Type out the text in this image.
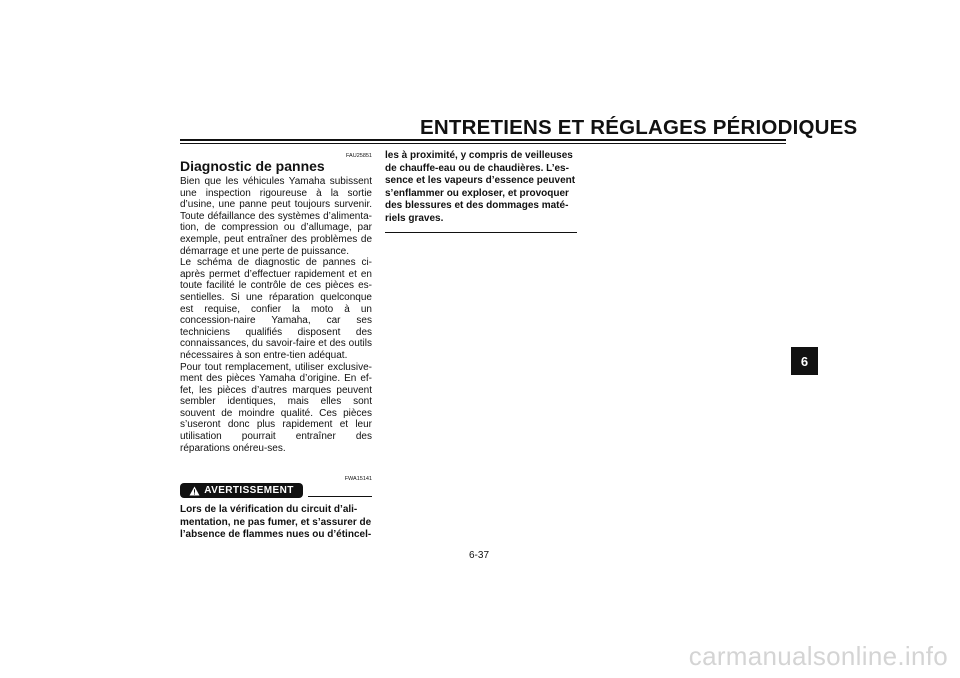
ENTRETIENS ET RÉGLAGES PÉRIODIQUES
FAU25851
Diagnostic de pannes

Bien que les véhicules Yamaha subissent une inspection rigoureuse à la sortie d’usine, une panne peut toujours survenir. Toute défaillance des systèmes d’alimenta-tion, de compression ou d’allumage, par exemple, peut entraîner des problèmes de démarrage et une perte de puissance.

Le schéma de diagnostic de pannes ci-après permet d’effectuer rapidement et en toute facilité le contrôle de ces pièces es-sentielles. Si une réparation quelconque est requise, confier la moto à un concession-naire Yamaha, car ses techniciens qualifiés disposent des connaissances, du savoir-faire et des outils nécessaires à son entre-tien adéquat.

Pour tout remplacement, utiliser exclusive-ment des pièces Yamaha d’origine. En ef-fet, les pièces d’autres marques peuvent sembler identiques, mais elles sont souvent de moindre qualité. Ces pièces s’useront donc plus rapidement et leur utilisation pourrait entraîner des réparations onéreu-ses.

FWA15141
AVERTISSEMENT
Lors de la vérification du circuit d’ali-
mentation, ne pas fumer, et s’assurer de
l’absence de flammes nues ou d’étincel-
les à proximité, y compris de veilleuses
de chauffe-eau ou de chaudières. L’es-
sence et les vapeurs d’essence peuvent
s’enflammer ou exploser, et provoquer
des blessures et des dommages maté-
riels graves.
6
6-37
carmanualsonline.info
